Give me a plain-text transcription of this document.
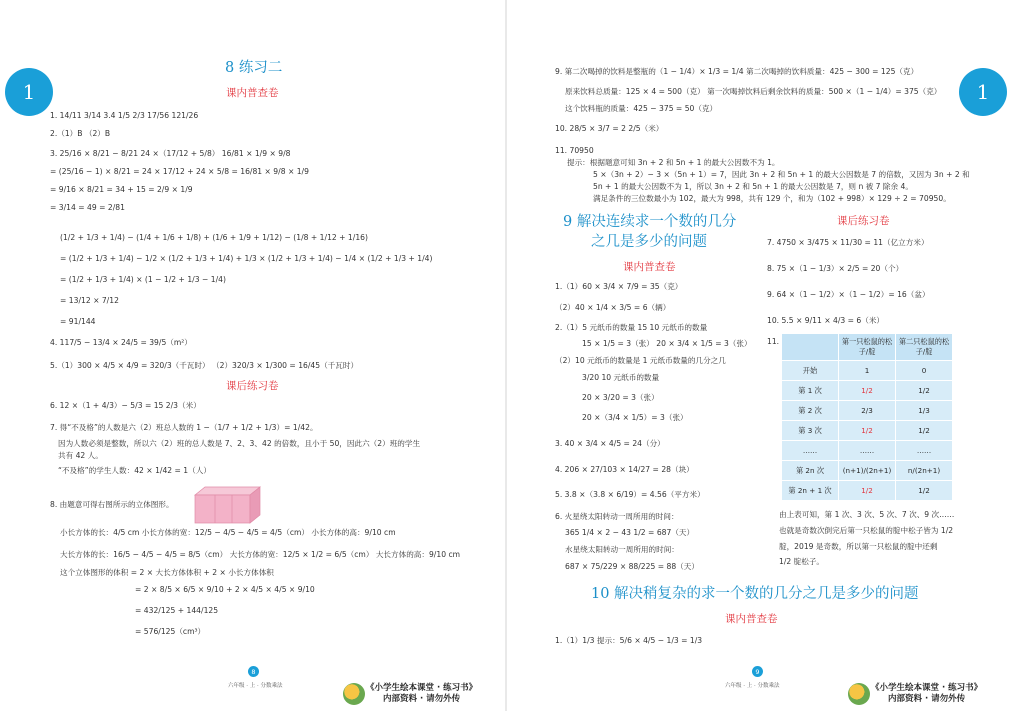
1
8 练习二
课内普查卷
1. 14/11 3/14 3.4 1/5 2/3 17/56 121/26
2.（1）B （2）B
3. 25/16 × 8/21 − 8/21 24 ×（17/12 + 5/8） 16/81 × 1/9 × 9/8
= (25/16 − 1) × 8/21 = 24 × 17/12 + 24 × 5/8 = 16/81 × 9/8 × 1/9
= 9/16 × 8/21 = 34 + 15 = 2/9 × 1/9
= 3/14 = 49 = 2/81
(1/2 + 1/3 + 1/4) − (1/4 + 1/6 + 1/8) + (1/6 + 1/9 + 1/12) − (1/8 + 1/12 + 1/16)
= (1/2 + 1/3 + 1/4) − 1/2 × (1/2 + 1/3 + 1/4) + 1/3 × (1/2 + 1/3 + 1/4) − 1/4 × (1/2 + 1/3 + 1/4)
= (1/2 + 1/3 + 1/4) × (1 − 1/2 + 1/3 − 1/4)
= 13/12 × 7/12
= 91/144
4. 117/5 − 13/4 × 24/5 = 39/5（m²）
5.（1）300 × 4/5 × 4/9 = 320/3（千瓦时） （2）320/3 × 1/300 = 16/45（千瓦时）
课后练习卷
6. 12 ×（1 + 4/3）− 5/3 = 15 2/3（米）
7. 得“不及格”的人数是六（2）班总人数的 1 −（1/7 + 1/2 + 1/3）= 1/42。
因为人数必须是整数，所以六（2）班的总人数是 7、2、3、42 的倍数，且小于 50，因此六（2）班的学生
共有 42 人。
“不及格”的学生人数：42 × 1/42 = 1（人）
8. 由题意可得右图所示的立体图形。
小长方体的长：4/5 cm 小长方体的宽：12/5 − 4/5 − 4/5 = 4/5（cm） 小长方体的高：9/10 cm
大长方体的长：16/5 − 4/5 − 4/5 = 8/5（cm） 大长方体的宽：12/5 × 1/2 = 6/5（cm） 大长方体的高：9/10 cm
这个立体图形的体积 = 2 × 大长方体体积 + 2 × 小长方体体积
= 2 × 8/5 × 6/5 × 9/10 + 2 × 4/5 × 4/5 × 9/10
= 432/125 + 144/125
= 576/125（cm³）
8
六年级 · 上 · 分数乘法	《小学生绘本课堂 · 练习书》
内部资料 · 请勿外传
1
9. 第二次喝掉的饮料是整瓶的（1 − 1/4）× 1/3 = 1/4 第二次喝掉的饮料质量：425 − 300 = 125（克）
原来饮料总质量：125 × 4 = 500（克） 第一次喝掉饮料后剩余饮料的质量：500 ×（1 − 1/4）= 375（克）
这个饮料瓶的质量：425 − 375 = 50（克）
10. 28/5 × 3/7 = 2 2/5（米）
11. 70950
提示：根据题意可知 3n + 2 和 5n + 1 的最大公因数不为 1。
5 ×（3n + 2）− 3 ×（5n + 1）= 7，因此 3n + 2 和 5n + 1 的最大公因数是 7 的倍数，又因为 3n + 2 和
5n + 1 的最大公因数不为 1，所以 3n + 2 和 5n + 1 的最大公因数是 7，则 n 被 7 除余 4。
满足条件的三位数最小为 102，最大为 998，共有 129 个，和为（102 + 998）× 129 ÷ 2 = 70950。
9 解决连续求一个数的几分
之几是多少的问题
课内普查卷
课后练习卷
1.（1）60 × 3/4 × 7/9 = 35（克）
（2）40 × 1/4 × 3/5 = 6（辆）
2.（1）5 元纸币的数量 15 10 元纸币的数量
15 × 1/5 = 3（张） 20 × 3/4 × 1/5 = 3（张）
（2）10 元纸币的数量是 1 元纸币数量的几分之几
3/20 10 元纸币的数量
20 × 3/20 = 3（张）
20 ×（3/4 × 1/5）= 3（张）
3. 40 × 3/4 × 4/5 = 24（分）
4. 206 × 27/103 × 14/27 = 28（块）
5. 3.8 ×（3.8 × 6/19）= 4.56（平方米）
6. 火星绕太阳转动一周所用的时间：
365 1/4 × 2 − 43 1/2 = 687（天）
水星绕太阳转动一周所用的时间：
687 × 75/229 × 88/225 = 88（天）
7. 4750 × 3/475 × 11/30 = 11（亿立方米）
8. 75 ×（1 − 1/3）× 2/5 = 20（个）
9. 64 ×（1 − 1/2）×（1 − 1/2）= 16（盆）
10. 5.5 × 9/11 × 4/3 = 6（米）
11.
		第一只松鼠的松子/腚	第二只松鼠的松子/腚
开始	1	0
第 1 次	1/2	1/2
第 2 次	2/3	1/3
第 3 次	1/2	1/2
……	……	……
第 2n 次	(n+1)/(2n+1)	n/(2n+1)
第 2n + 1 次	1/2	1/2
由上表可知，第 1 次、3 次、5 次、7 次、9 次……
也就是奇数次倒完后第一只松鼠的腚中松子皆为 1/2
腚，2019 是奇数，所以第一只松鼠的腚中还剩
1/2 腚松子。
10 解决稍复杂的求一个数的几分之几是多少的问题
课内普查卷
1.（1）1/3 提示：5/6 × 4/5 − 1/3 = 1/3
9
六年级 · 上 · 分数乘法	《小学生绘本课堂 · 练习书》
内部资料 · 请勿外传
